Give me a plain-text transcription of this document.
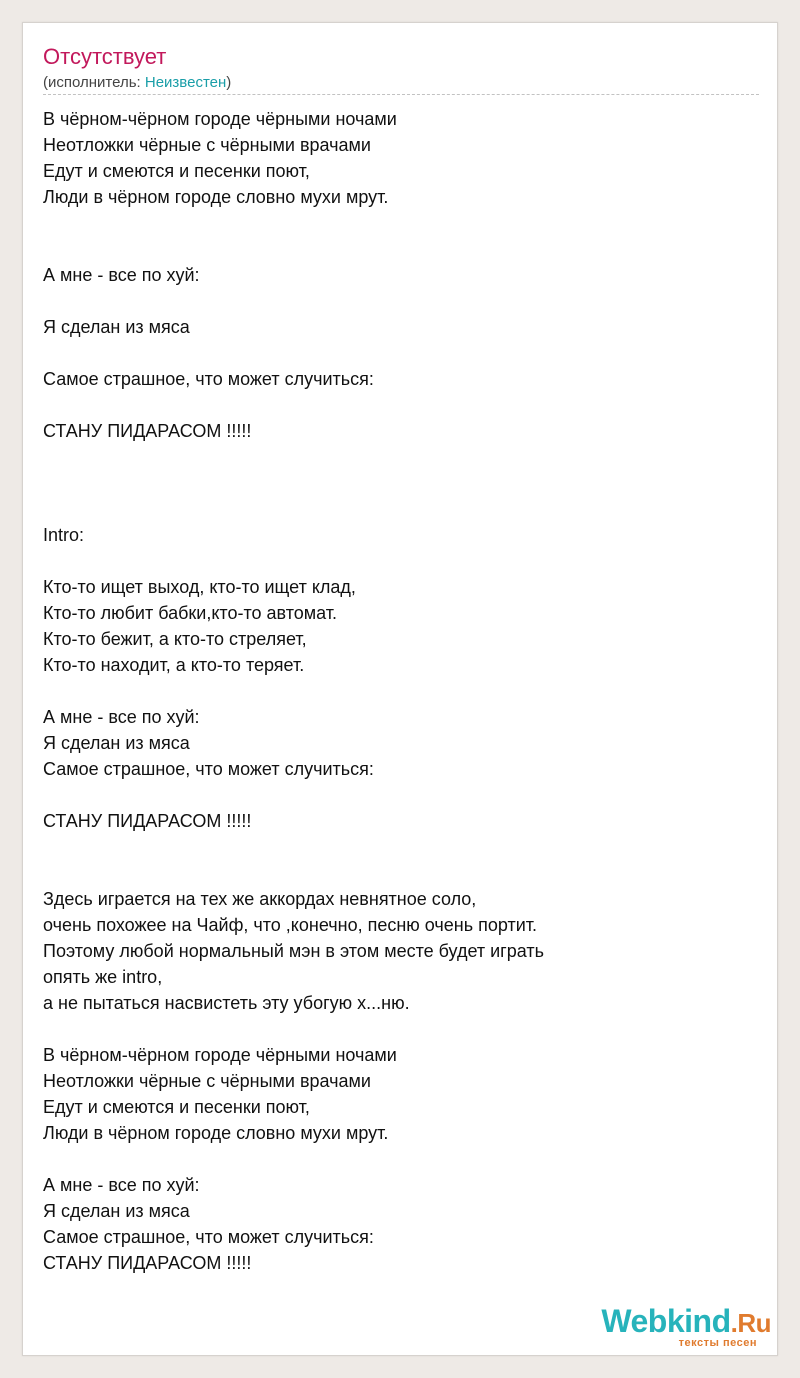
Отсутствует
(исполнитель: Неизвестен)
В чёрном-чёрном городе чёрными ночами
Неотложки чёрные с чёрными врачами
Едут и смеются и песенки поют,
Люди в чёрном городе словно мухи мрут.
А мне - все по хуй:
Я сделан из мяса
Самое страшное, что может случиться:
СТАНУ ПИДАРАСОМ !!!!!
Intro:
Кто-то ищет выход, кто-то ищет клад,
Кто-то любит бабки,кто-то автомат.
Кто-то бежит, а кто-то стреляет,
Кто-то находит, а кто-то теряет.
А мне - все по хуй:
Я сделан из мяса
Самое страшное, что может случиться:
СТАНУ ПИДАРАСОМ !!!!!
Здесь играется на тех же аккордах невнятное соло,
очень похожее на Чайф, что ,конечно, песню очень портит.
Поэтому любой нормальный мэн в этом месте будет играть опять же intro,
а не пытаться насвистеть эту убогую х...ню.
В чёрном-чёрном городе чёрными ночами
Неотложки чёрные с чёрными врачами
Едут и смеются и песенки поют,
Люди в чёрном городе словно мухи мрут.
А мне - все по хуй:
Я сделан из мяса
Самое страшное, что может случиться:
СТАНУ ПИДАРАСОМ !!!!!
Webkind.Ru
тексты песен
